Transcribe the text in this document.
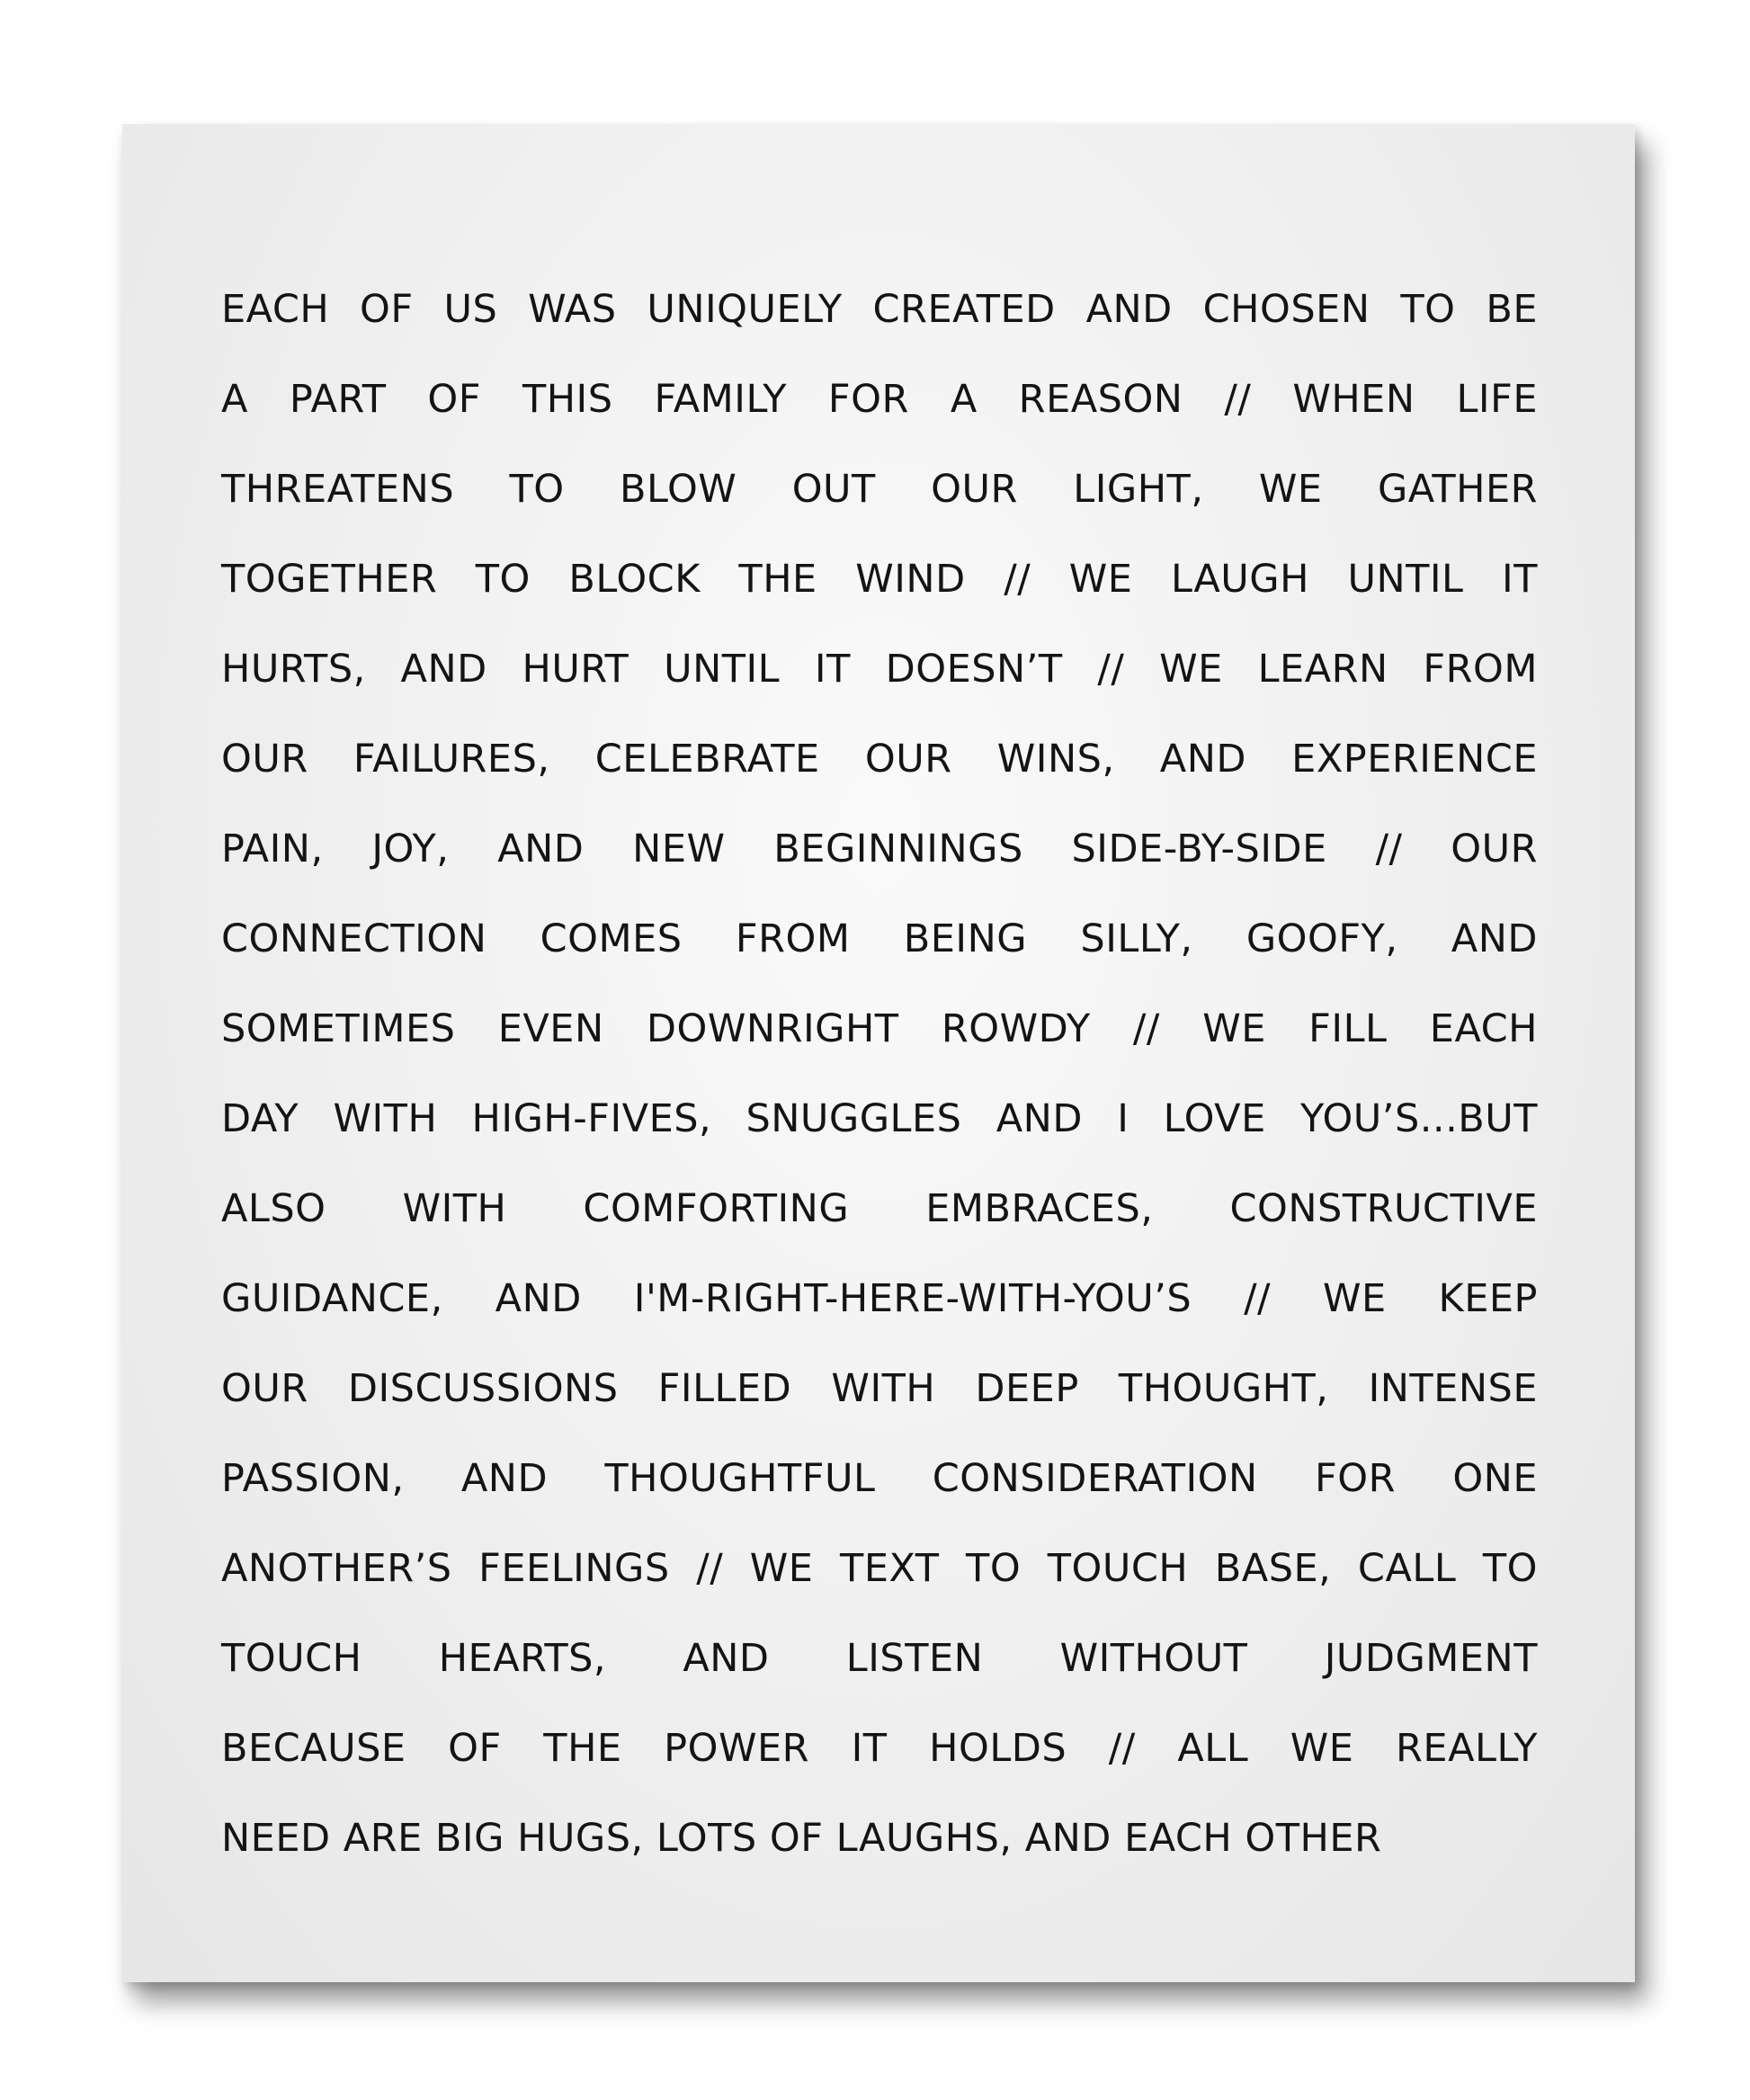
EACH OF US WAS UNIQUELY CREATED AND CHOSEN TO BE
A PART OF THIS FAMILY FOR A REASON // WHEN LIFE
THREATENS TO BLOW OUT OUR LIGHT, WE GATHER
TOGETHER TO BLOCK THE WIND // WE LAUGH UNTIL IT
HURTS, AND HURT UNTIL IT DOESN’T // WE LEARN FROM
OUR FAILURES, CELEBRATE OUR WINS, AND EXPERIENCE
PAIN, JOY, AND NEW BEGINNINGS SIDE-BY-SIDE // OUR
CONNECTION COMES FROM BEING SILLY, GOOFY, AND
SOMETIMES EVEN DOWNRIGHT ROWDY // WE FILL EACH
DAY WITH HIGH-FIVES, SNUGGLES AND I LOVE YOU’S...BUT
ALSO WITH COMFORTING EMBRACES, CONSTRUCTIVE
GUIDANCE, AND I'M-RIGHT-HERE-WITH-YOU’S // WE KEEP
OUR DISCUSSIONS FILLED WITH DEEP THOUGHT, INTENSE
PASSION, AND THOUGHTFUL CONSIDERATION FOR ONE
ANOTHER’S FEELINGS // WE TEXT TO TOUCH BASE, CALL TO
TOUCH HEARTS, AND LISTEN WITHOUT JUDGMENT
BECAUSE OF THE POWER IT HOLDS // ALL WE REALLY
NEED ARE BIG HUGS, LOTS OF LAUGHS, AND EACH OTHER
